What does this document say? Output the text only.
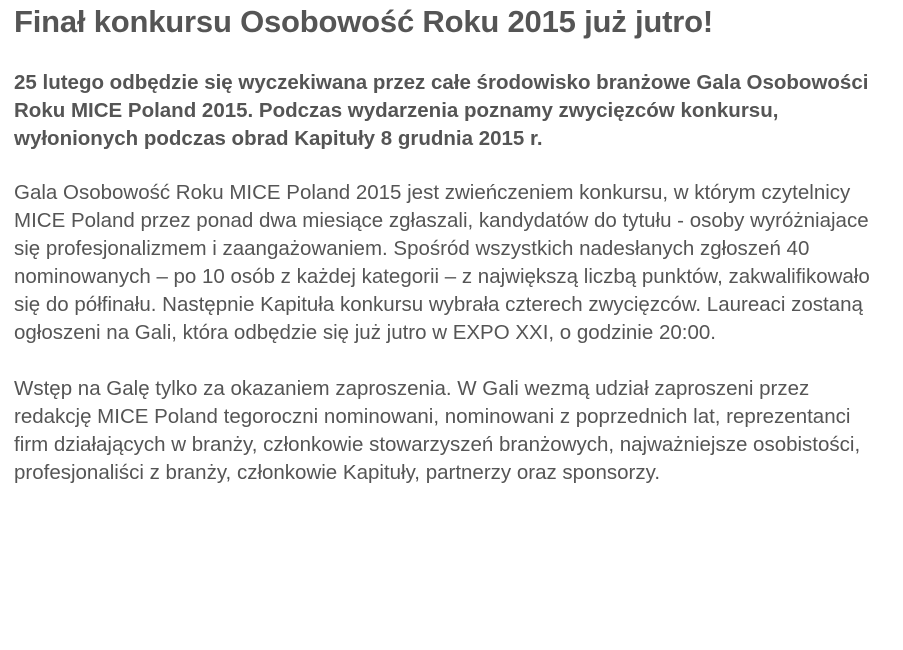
Finał konkursu Osobowość Roku 2015 już jutro!

25 lutego odbędzie się wyczekiwana przez całe środowisko branżowe Gala Osobowości Roku MICE Poland 2015. Podczas wydarzenia poznamy zwycięzców konkursu, wyłonionych podczas obrad Kapituły 8 grudnia 2015 r.

Gala Osobowość Roku MICE Poland 2015 jest zwieńczeniem konkursu, w którym czytelnicy MICE Poland przez ponad dwa miesiące zgłaszali, kandydatów do tytułu - osoby wyróżniajace się profesjonalizmem i zaangażowaniem. Spośród wszystkich nadesłanych zgłoszeń 40 nominowanych – po 10 osób z każdej kategorii – z największą liczbą punktów, zakwalifikowało się do półfinału. Następnie Kapituła konkursu wybrała czterech zwycięzców. Laureaci zostaną ogłoszeni na Gali, która odbędzie się już jutro w EXPO XXI, o godzinie 20:00.

Wstęp na Galę tylko za okazaniem zaproszenia. W Gali wezmą udział zaproszeni przez redakcję MICE Poland tegoroczni nominowani, nominowani z poprzednich lat, reprezentanci firm działających w branży, członkowie stowarzyszeń branżowych, najważniejsze osobistości, profesjonaliści z branży, członkowie Kapituły, partnerzy oraz sponsorzy.
